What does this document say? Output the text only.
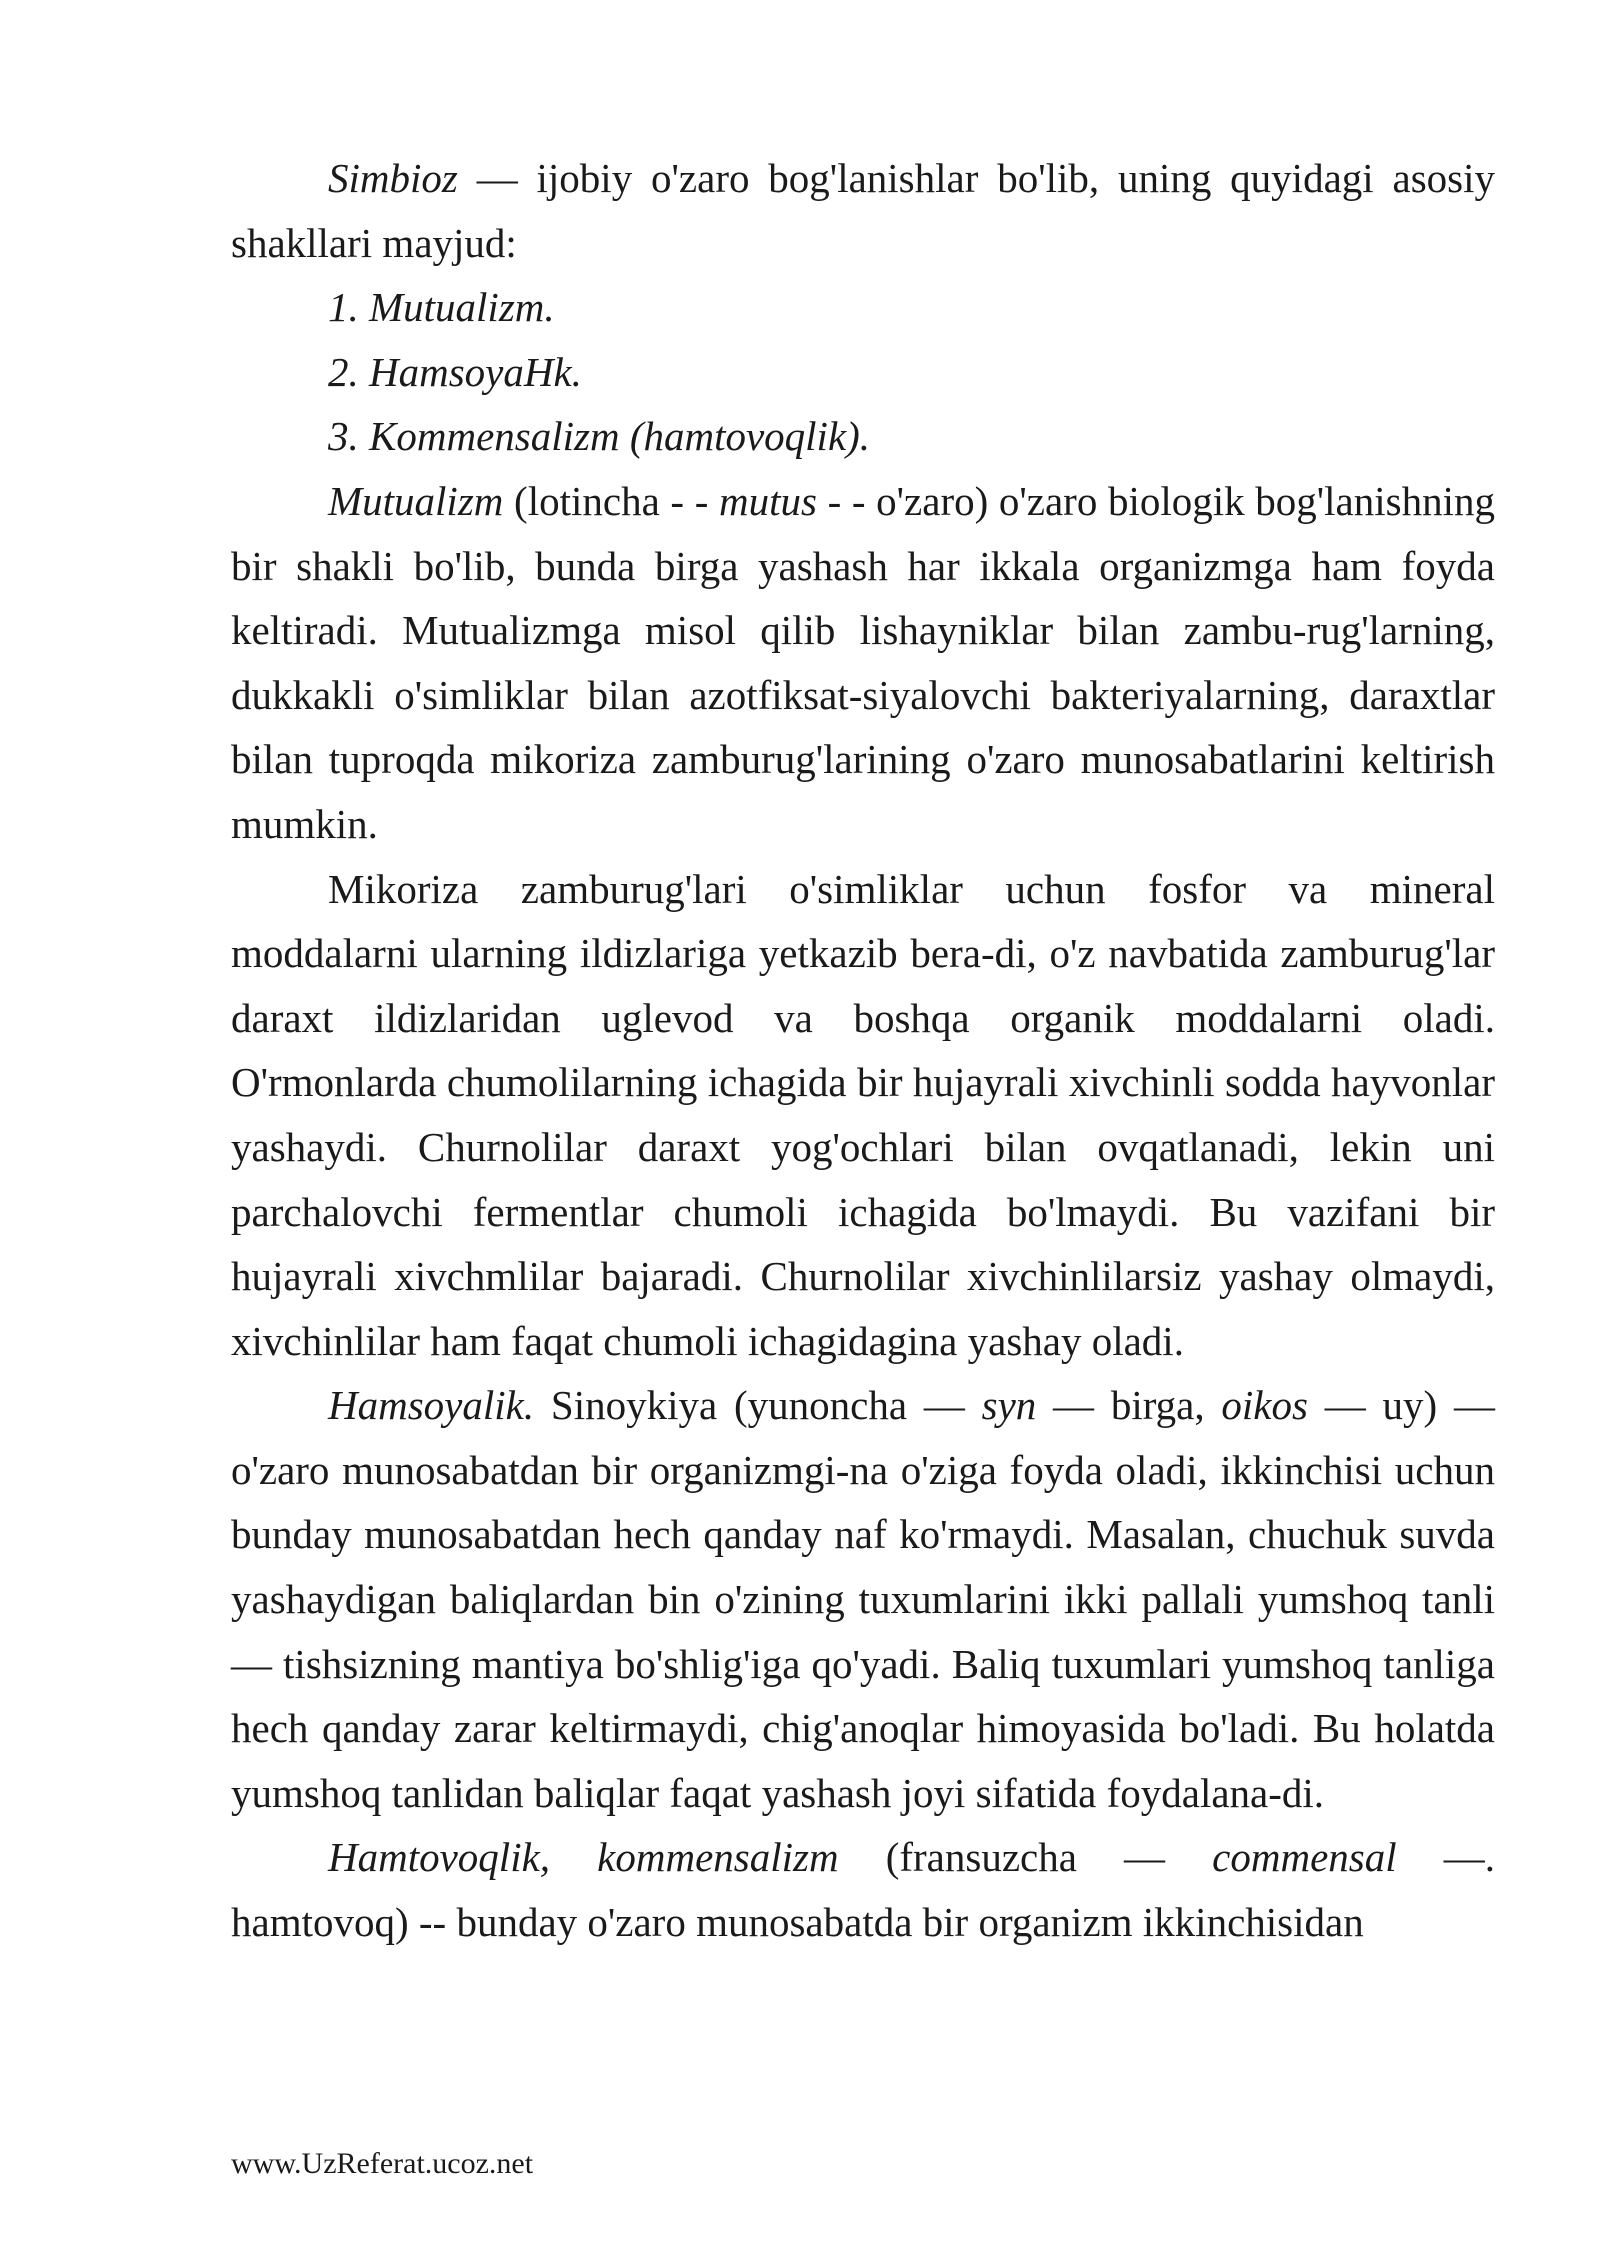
Simbioz — ijobiy o'zaro bog'lanishlar bo'lib, uning quyidagi asosiy shakllari mayjud:

1. Mutualizm.

2. HamsoyaHk.

3. Kommensalizm (hamtovoqlik).

Mutualizm (lotincha - - mutus - - o'zaro) o'zaro biologik bog'lanishning bir shakli bo'lib, bunda birga yashash har ikkala organizmga ham foyda keltiradi. Mutualizmga misol qilib lishayniklar bilan zambu-rug'larning, dukkakli o'simliklar bilan azotfiksat-siyalovchi bakteriyalarning, daraxtlar bilan tuproqda mikoriza zamburug'larining o'zaro munosabatlarini keltirish mumkin.

Mikoriza zamburug'lari o'simliklar uchun fosfor va mineral moddalarni ularning ildizlariga yetkazib bera-di, o'z navbatida zamburug'lar daraxt ildizlaridan uglevod va boshqa organik moddalarni oladi. O'rmonlarda chumolilarning ichagida bir hujayrali xivchinli sodda hayvonlar yashaydi. Churnolilar daraxt yog'ochlari bilan ovqatlanadi, lekin uni parchalovchi fermentlar chumoli ichagida bo'lmaydi. Bu vazifani bir hujayrali xivchmlilar bajaradi. Churnolilar xivchinlilarsiz yashay olmaydi, xivchinlilar ham faqat chumoli ichagidagina yashay oladi.

Hamsoyalik. Sinoykiya (yunoncha — syn — birga, oikos — uy) — o'zaro munosabatdan bir organizmgi-na o'ziga foyda oladi, ikkinchisi uchun bunday munosabatdan hech qanday naf ko'rmaydi. Masalan, chuchuk suvda yashaydigan baliqlardan bin o'zining tuxumlarini ikki pallali yumshoq tanli — tishsizning mantiya bo'shlig'iga qo'yadi. Baliq tuxumlari yumshoq tanliga hech qanday zarar keltirmaydi, chig'anoqlar himoyasida bo'ladi. Bu holatda yumshoq tanlidan baliqlar faqat yashash joyi sifatida foydalana-di.

Hamtovoqlik, kommensalizm (fransuzcha — commensal —. hamtovoq) -- bunday o'zaro munosabatda bir organizm ikkinchisidan

www.UzReferat.ucoz.net
